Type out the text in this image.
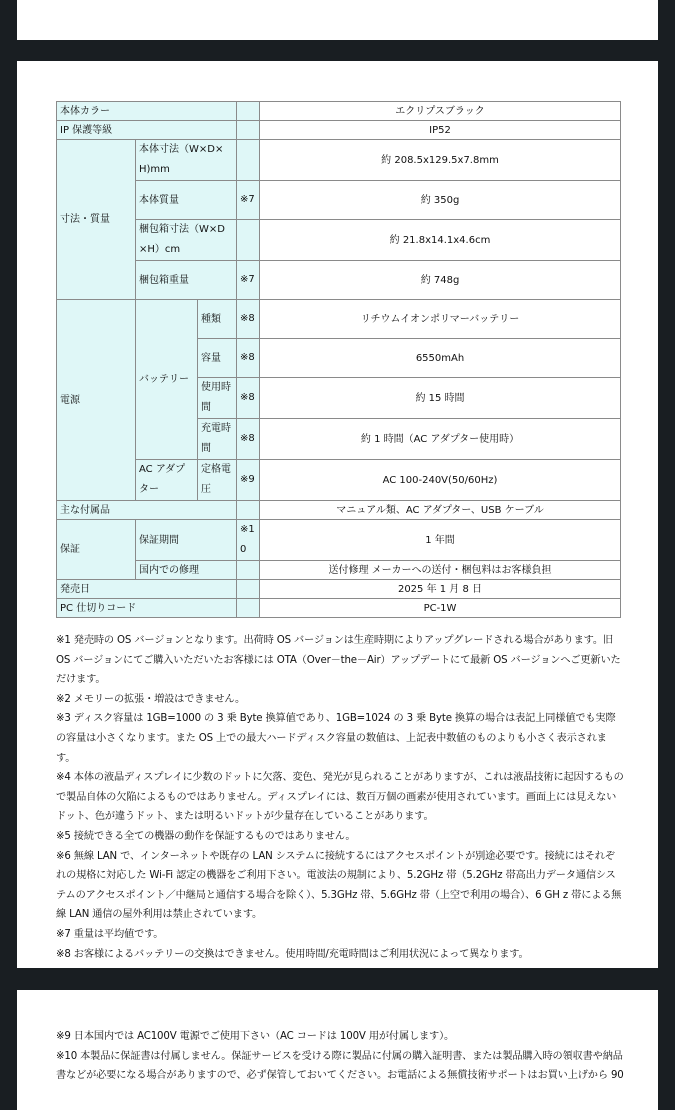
本体カラー				エクリプスブラック
IP 保護等級				IP52
寸法・質量	本体寸法（W×D×H)mm			約 208.5x129.5x7.8mm
	本体質量		※7	約 350g
	梱包箱寸法（W×D×H）cm			約 21.8x14.1x4.6cm
	梱包箱重量		※7	約 748g
電源	バッテリー	種類	※8	リチウムイオンポリマーバッテリー
		容量	※8	6550mAh
		使用時間	※8	約 15 時間
		充電時間	※8	約 1 時間（AC アダプター使用時）
	AC アダプター	定格電圧	※9	AC 100-240V(50/60Hz)
主な付属品				マニュアル類、AC アダプター、USB ケーブル
保証	保証期間		※10	1 年間
	国内での修理			送付修理 メーカーへの送付・梱包料はお客様負担
発売日				2025 年 1 月 8 日
PC 仕切りコード				PC-1W

※1 発売時の OS バージョンとなります。出荷時 OS バージョンは生産時期によりアップグレードされる場合があります。旧 OS バージョンにてご購入いただいたお客様には OTA（Over－the－Air）アップデートにて最新 OS バージョンへご更新いただけます。

※2 メモリーの拡張・増設はできません。

※3 ディスク容量は 1GB=1000 の 3 乗 Byte 換算値であり、1GB=1024 の 3 乗 Byte 換算の場合は表記上同様値でも実際の容量は小さくなります。また OS 上での最大ハードディスク容量の数値は、上記表中数値のものよりも小さく表示されます。

※4 本体の液晶ディスプレイに少数のドットに欠落、変色、発光が見られることがありますが、これは液晶技術に起因するもので製品自体の欠陥によるものではありません。ディスプレイには、数百万個の画素が使用されています。画面上には見えないドット、色が違うドット、または明るいドットが少量存在していることがあります。

※5 接続できる全ての機器の動作を保証するものではありません。

※6 無線 LAN で、インターネットや既存の LAN システムに接続するにはアクセスポイントが別途必要です。接続にはそれぞれの規格に対応した Wi-Fi 認定の機器をご利用下さい。電波法の規制により、5.2GHz 帯（5.2GHz 帯高出力データ通信システムのアクセスポイント／中継局と通信する場合を除く）、5.3GHz 帯、5.6GHz 帯（上空で利用の場合）、6 GH z 帯による無線 LAN 通信の屋外利用は禁止されています。

※7 重量は平均値です。

※8 お客様によるバッテリーの交換はできません。使用時間/充電時間はご利用状況によって異なります。

※9 日本国内では AC100V 電源でご使用下さい（AC コードは 100V 用が付属します）。

※10 本製品に保証書は付属しません。保証サービスを受ける際に製品に付属の購入証明書、または製品購入時の領収書や納品書などが必要になる場合がありますので、必ず保管しておいてください。お電話による無償技術サポートはお買い上げから 90
